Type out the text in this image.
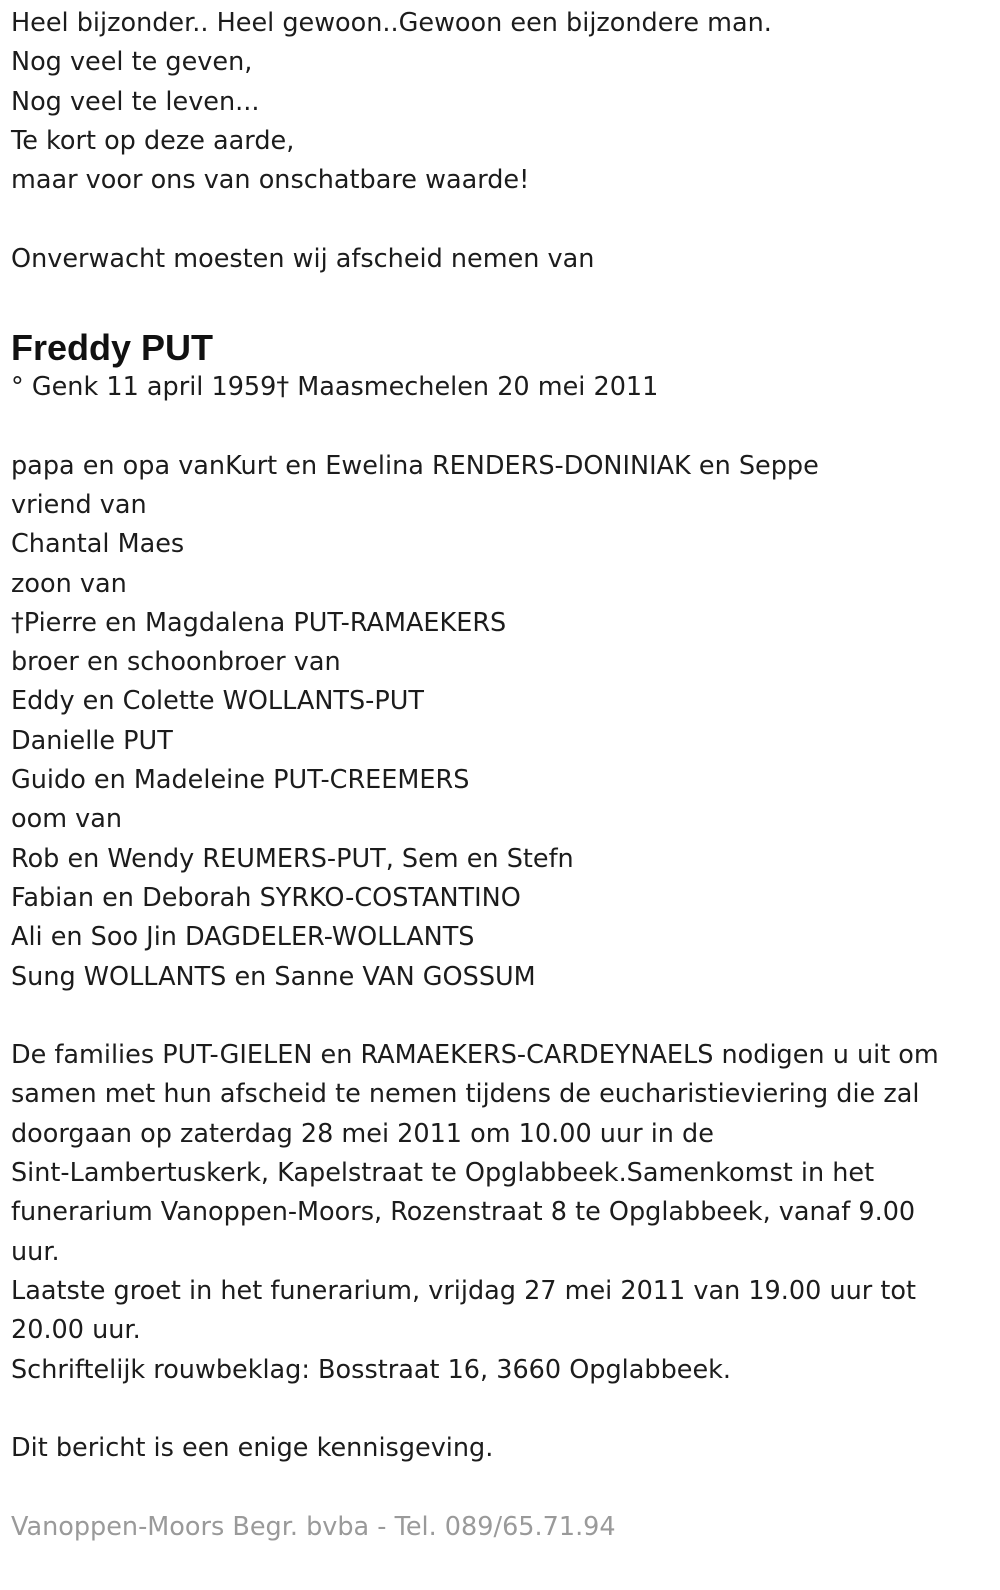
Heel bijzonder.. Heel gewoon..Gewoon een bijzondere man.
Nog veel te geven,
Nog veel te leven...
Te kort op deze aarde,
maar voor ons van onschatbare waarde!
Onverwacht moesten wij afscheid nemen van
Freddy PUT
° Genk 11 april 1959† Maasmechelen 20 mei 2011
papa en opa vanKurt en Ewelina RENDERS-DONINIAK en Seppe
vriend van
Chantal Maes
zoon van
†Pierre en Magdalena PUT-RAMAEKERS
broer en schoonbroer van
Eddy en Colette WOLLANTS-PUT
Danielle PUT
Guido en Madeleine PUT-CREEMERS
oom van
Rob en Wendy REUMERS-PUT, Sem en Stefn
Fabian en Deborah SYRKO-COSTANTINO
Ali en Soo Jin DAGDELER-WOLLANTS
Sung WOLLANTS en Sanne VAN GOSSUM
De families PUT-GIELEN en RAMAEKERS-CARDEYNAELS nodigen u uit om
samen met hun afscheid te nemen tijdens de eucharistieviering die zal
doorgaan op zaterdag 28 mei 2011 om 10.00 uur in de
Sint-Lambertuskerk, Kapelstraat te Opglabbeek.Samenkomst in het
funerarium Vanoppen-Moors, Rozenstraat 8 te Opglabbeek, vanaf 9.00
uur.
Laatste groet in het funerarium, vrijdag 27 mei 2011 van 19.00 uur tot
20.00 uur.
Schriftelijk rouwbeklag: Bosstraat 16, 3660 Opglabbeek.
Dit bericht is een enige kennisgeving.
Vanoppen-Moors Begr. bvba - Tel. 089/65.71.94
